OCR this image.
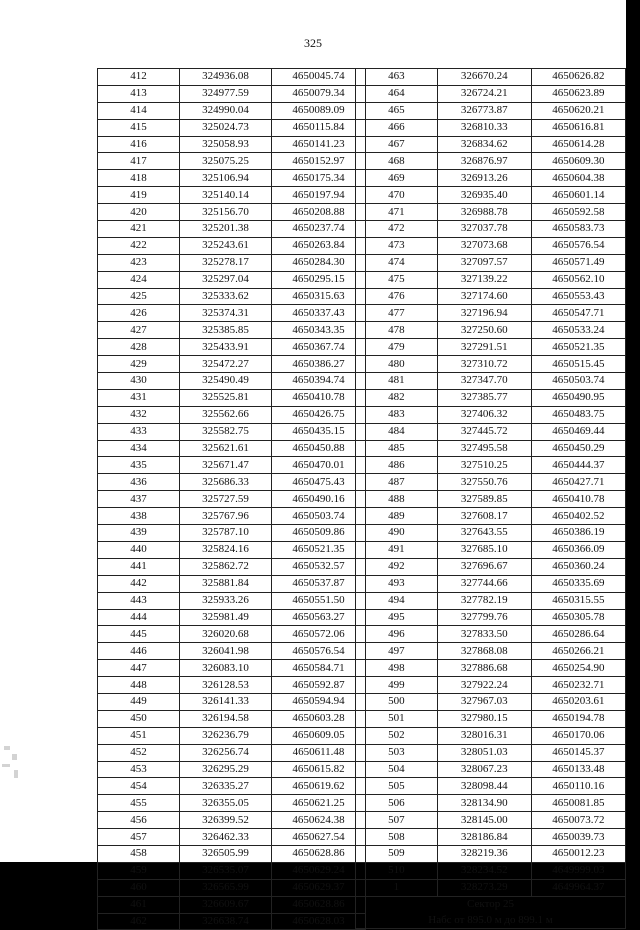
325
412	324936.08	4650045.74
413	324977.59	4650079.34
414	324990.04	4650089.09
415	325024.73	4650115.84
416	325058.93	4650141.23
417	325075.25	4650152.97
418	325106.94	4650175.34
419	325140.14	4650197.94
420	325156.70	4650208.88
421	325201.38	4650237.74
422	325243.61	4650263.84
423	325278.17	4650284.30
424	325297.04	4650295.15
425	325333.62	4650315.63
426	325374.31	4650337.43
427	325385.85	4650343.35
428	325433.91	4650367.74
429	325472.27	4650386.27
430	325490.49	4650394.74
431	325525.81	4650410.78
432	325562.66	4650426.75
433	325582.75	4650435.15
434	325621.61	4650450.88
435	325671.47	4650470.01
436	325686.33	4650475.43
437	325727.59	4650490.16
438	325767.96	4650503.74
439	325787.10	4650509.86
440	325824.16	4650521.35
441	325862.72	4650532.57
442	325881.84	4650537.87
443	325933.26	4650551.50
444	325981.49	4650563.27
445	326020.68	4650572.06
446	326041.98	4650576.54
447	326083.10	4650584.71
448	326128.53	4650592.87
449	326141.33	4650594.94
450	326194.58	4650603.28
451	326236.79	4650609.05
452	326256.74	4650611.48
453	326295.29	4650615.82
454	326335.27	4650619.62
455	326355.05	4650621.25
456	326399.52	4650624.38
457	326462.33	4650627.54
458	326505.99	4650628.86
459	326535.07	4650629.24
460	326565.99	4650629.37
461	326609.67	4650628.86
462	326638.74	4650628.03
463	326670.24	4650626.82
464	326724.21	4650623.89
465	326773.87	4650620.21
466	326810.33	4650616.81
467	326834.62	4650614.28
468	326876.97	4650609.30
469	326913.26	4650604.38
470	326935.40	4650601.14
471	326988.78	4650592.58
472	327037.78	4650583.73
473	327073.68	4650576.54
474	327097.57	4650571.49
475	327139.22	4650562.10
476	327174.60	4650553.43
477	327196.94	4650547.71
478	327250.60	4650533.24
479	327291.51	4650521.35
480	327310.72	4650515.45
481	327347.70	4650503.74
482	327385.77	4650490.95
483	327406.32	4650483.75
484	327445.72	4650469.44
485	327495.58	4650450.29
486	327510.25	4650444.37
487	327550.76	4650427.71
488	327589.85	4650410.78
489	327608.17	4650402.52
490	327643.55	4650386.19
491	327685.10	4650366.09
492	327696.67	4650360.24
493	327744.66	4650335.69
494	327782.19	4650315.55
495	327799.76	4650305.78
496	327833.50	4650286.64
497	327868.08	4650266.21
498	327886.68	4650254.90
499	327922.24	4650232.71
500	327967.03	4650203.61
501	327980.15	4650194.78
502	328016.31	4650170.06
503	328051.03	4650145.37
504	328067.23	4650133.48
505	328098.44	4650110.16
506	328134.90	4650081.85
507	328145.00	4650073.72
508	328186.84	4650039.73
509	328219.36	4650012.23
510	328234.52	4649999.03
1	328273.29	4649964.37
Сектор 25		
Набс от 895.0 м до 899.1 м		
